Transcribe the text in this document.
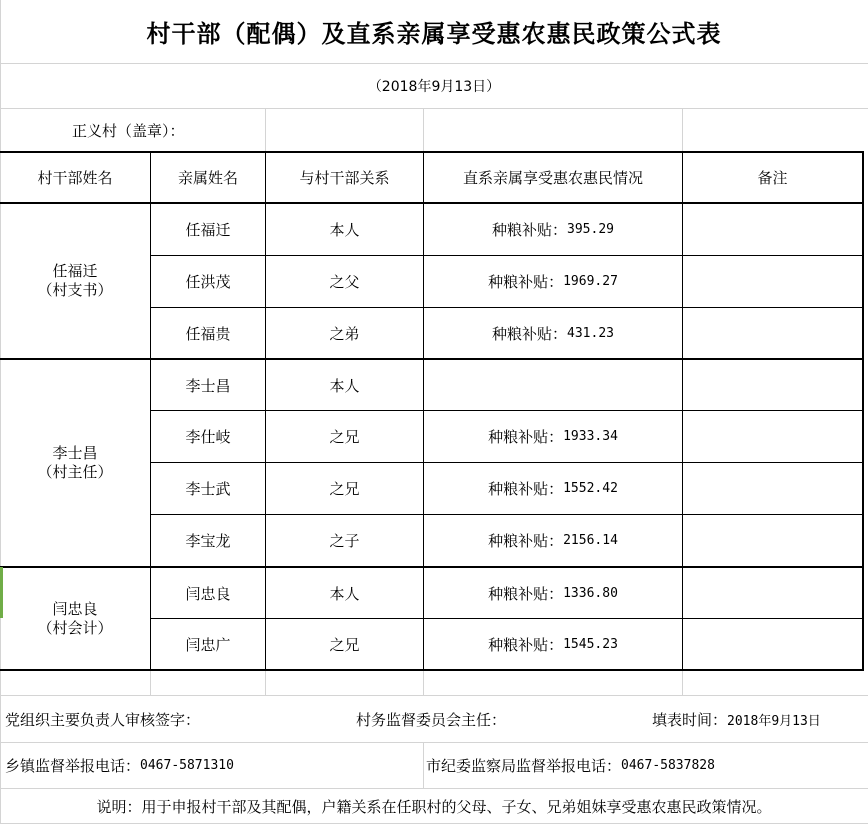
村干部（配偶）及直系亲属享受惠农惠民政策公式表
（2018年9月13日）
正义村（盖章）：
村干部姓名	亲属姓名	与村干部关系	直系亲属享受惠农惠民情况	备注
任福迁
（村支书）
任福迁	本人	种粮补贴： 395.29
任洪茂	之父	种粮补贴： 1969.27
任福贵	之弟	种粮补贴： 431.23
李士昌
（村主任）
李士昌	本人
李仕岐	之兄	种粮补贴： 1933.34
李士武	之兄	种粮补贴： 1552.42
李宝龙	之子	种粮补贴： 2156.14
闫忠良
（村会计）
闫忠良	本人	种粮补贴： 1336.80
闫忠广	之兄	种粮补贴： 1545.23
党组织主要负责人审核签字：	村务监督委员会主任：	填表时间： 2018年9月13日
乡镇监督举报电话： 0467-5871310	市纪委监察局监督举报电话： 0467-5837828
说明：用于申报村干部及其配偶，户籍关系在任职村的父母、子女、兄弟姐妹享受惠农惠民政策情况。
